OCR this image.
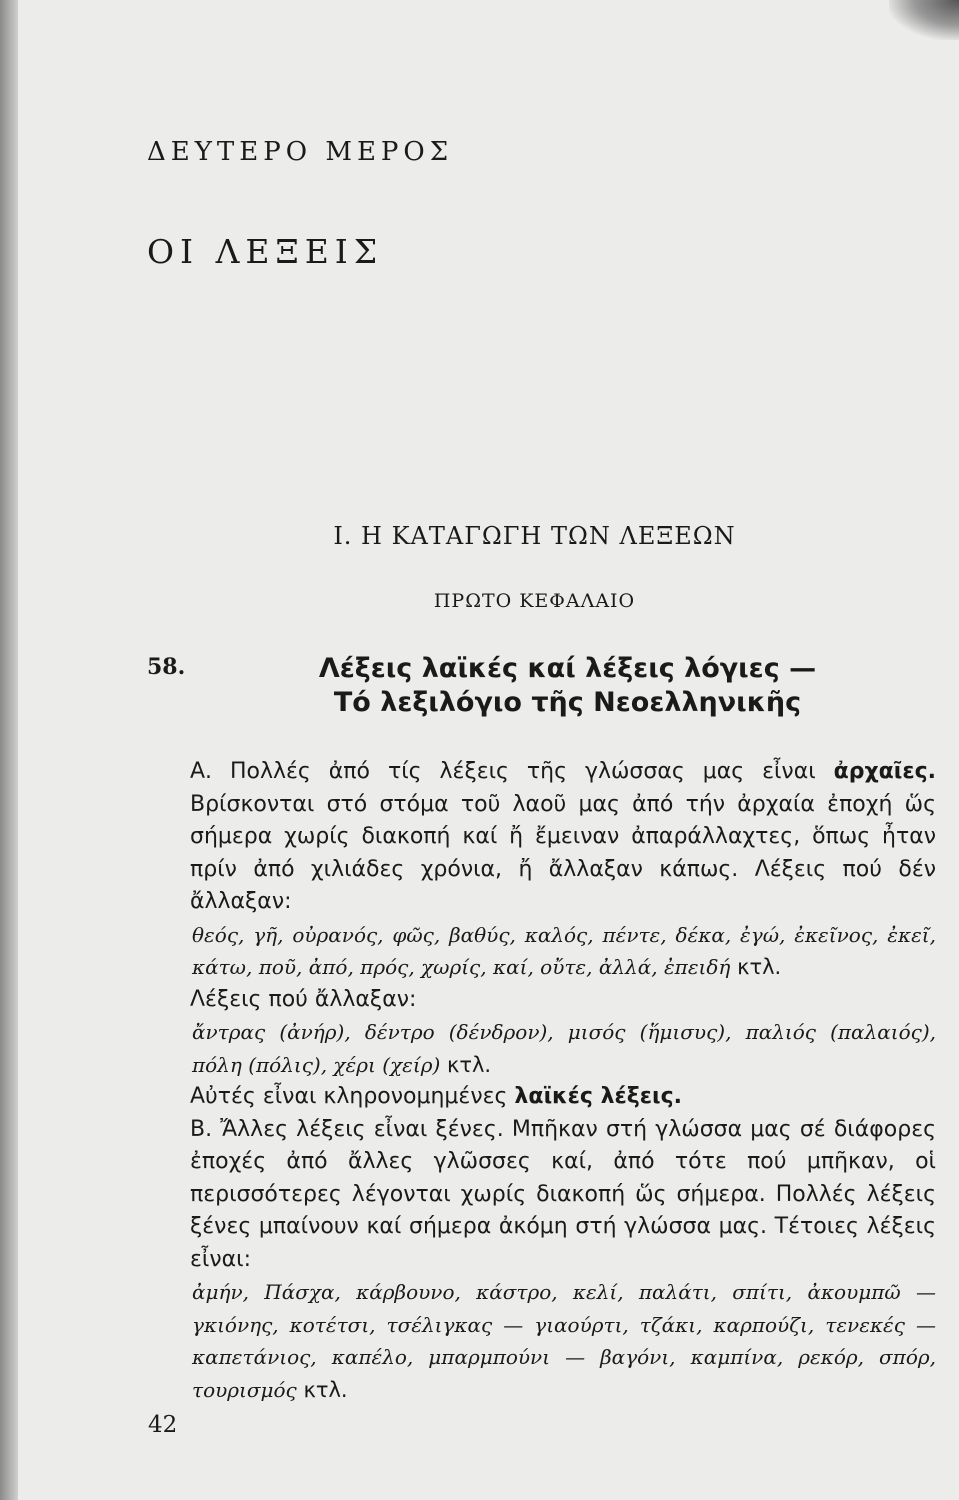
ΔΕΥΤΕΡΟ ΜΕΡΟΣ
ΟΙ ΛΕΞΕΙΣ
Ι. Η ΚΑΤΑΓΩΓΗ ΤΩΝ ΛΕΞΕΩΝ
ΠΡΩΤΟ ΚΕΦΑΛΑΙΟ
58.	Λέξεις λαϊκές καί λέξεις λόγιες —
Τό λεξιλόγιο τῆς Νεοελληνικῆς

Α. Πολλές ἀπό τίς λέξεις τῆς γλώσσας μας εἶναι ἀρχαῖες. Βρίσκονται στό στόμα τοῦ λαοῦ μας ἀπό τήν ἀρχαία ἐποχή ὥς σήμερα χωρίς διακοπή καί ἤ ἔμειναν ἀπαράλλαχτες, ὅπως ἦταν πρίν ἀπό χιλιάδες χρόνια, ἤ ἄλλαξαν κάπως. Λέξεις πού δέν ἄλλαξαν:

θεός, γῆ, οὐρανός, φῶς, βαθύς, καλός, πέντε, δέκα, ἐγώ, ἐκεῖνος, ἐκεῖ, κάτω, ποῦ, ἀπό, πρός, χωρίς, καί, οὔτε, ἀλλά, ἐπειδή κτλ.

Λέξεις πού ἄλλαξαν:

ἄντρας (ἀνήρ), δέντρο (δένδρον), μισός (ἥμισυς), παλιός (παλαιός), πόλη (πόλις), χέρι (χείρ) κτλ.

Αὐτές εἶναι κληρονομημένες λαϊκές λέξεις.

Β. Ἄλλες λέξεις εἶναι ξένες. Μπῆκαν στή γλώσσα μας σέ διάφορες ἐποχές ἀπό ἄλλες γλῶσσες καί, ἀπό τότε πού μπῆκαν, οἱ περισσότερες λέγονται χωρίς διακοπή ὥς σήμερα. Πολλές λέξεις ξένες μπαίνουν καί σήμερα ἀκόμη στή γλώσσα μας. Τέτοιες λέξεις εἶναι:

ἀμήν, Πάσχα, κάρβουνο, κάστρο, κελί, παλάτι, σπίτι, ἀκουμπῶ — γκιόνης, κοτέτσι, τσέλιγκας — γιαούρτι, τζάκι, καρπούζι, τενεκές — καπετάνιος, καπέλο, μπαρμπούνι — βαγόνι, καμπίνα, ρεκόρ, σπόρ, τουρισμός κτλ.

42
